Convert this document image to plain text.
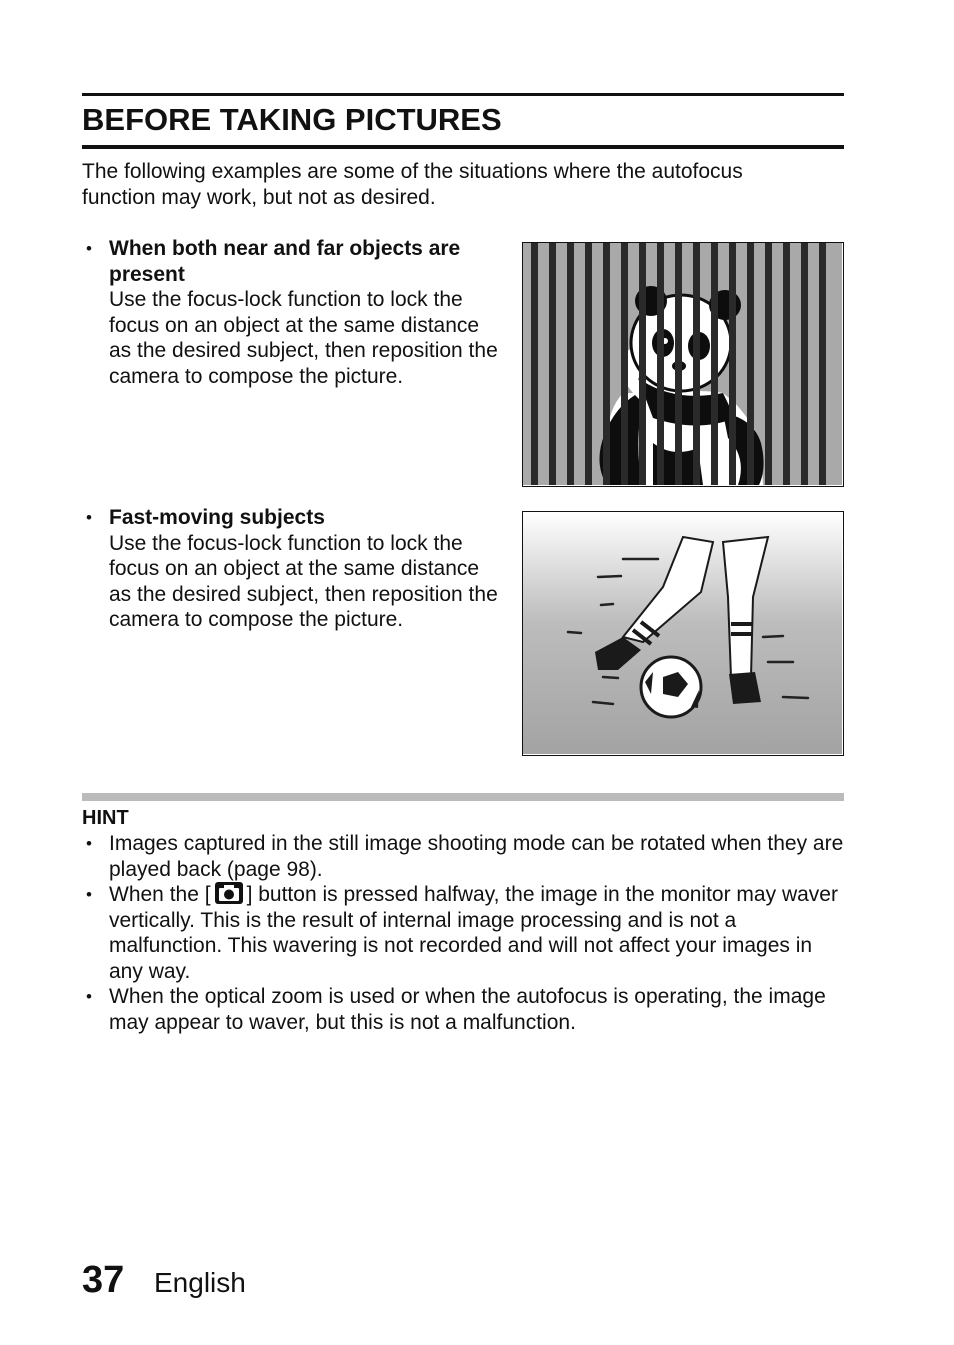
BEFORE TAKING PICTURES

The following examples are some of the situations where the autofocus function may work, but not as desired.

• When both near and far objects are present
Use the focus-lock function to lock the focus on an object at the same distance as the desired subject, then reposition the camera to compose the picture.
• Fast-moving subjects
Use the focus-lock function to lock the focus on an object at the same distance as the desired subject, then reposition the camera to compose the picture.
HINT
• Images captured in the still image shooting mode can be rotated when they are played back (page 98).
• When the [ ] button is pressed halfway, the image in the monitor may waver vertically. This is the result of internal image processing and is not a malfunction. This wavering is not recorded and will not affect your images in any way.
• When the optical zoom is used or when the autofocus is operating, the image may appear to waver, but this is not a malfunction.
37 English
